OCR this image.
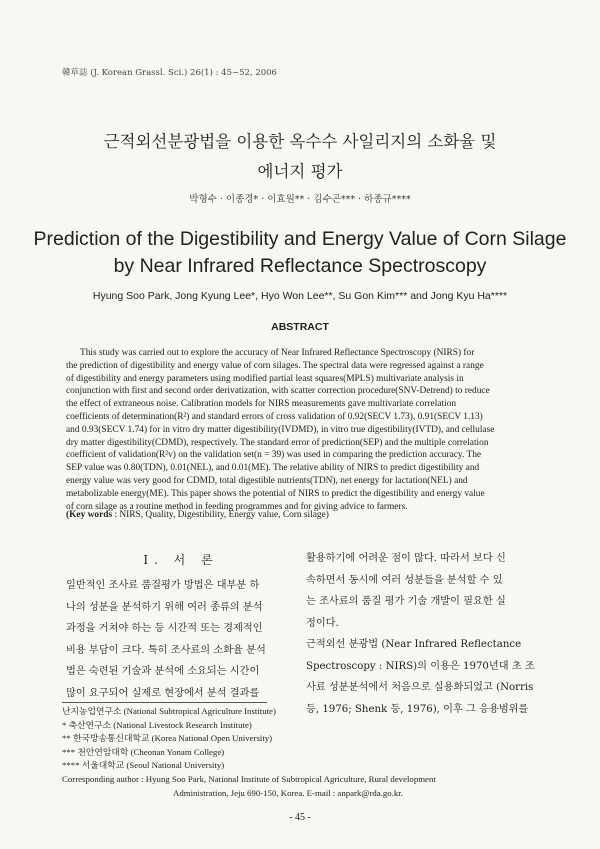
韓草誌 (J. Korean Grassl. Sci.) 26(1) : 45~52, 2006
근적외선분광법을 이용한 옥수수 사일리지의 소화율 및
에너지 평가
박형수 · 이종경* · 이효원** · 김수곤*** · 하종규****
Prediction of the Digestibility and Energy Value of Corn Silage
by Near Infrared Reflectance Spectroscopy
Hyung Soo Park, Jong Kyung Lee*, Hyo Won Lee**, Su Gon Kim*** and Jong Kyu Ha****
ABSTRACT
This study was carried out to explore the accuracy of Near Infrared Reflectance Spectroscopy (NIRS) for
the prediction of digestibility and energy value of corn silages. The spectral data were regressed against a range
of digestibility and energy parameters using modified partial least squares(MPLS) multivariate analysis in
conjunction with first and second order derivatization, with scatter correction procedure(SNV-Detrend) to reduce
the effect of extraneous noise. Calibration models for NIRS measurements gave multivariate correlation
coefficients of determination(R²) and standard errors of cross validation of 0.92(SECV 1.73), 0.91(SECV 1.13)
and 0.93(SECV 1.74) for in vitro dry matter digestibility(IVDMD), in vitro true digestibility(IVTD), and cellulase
dry matter digestibility(CDMD), respectively. The standard error of prediction(SEP) and the multiple correlation
coefficient of validation(R²v) on the validation set(n = 39) was used in comparing the prediction accuracy. The
SEP value was 0.80(TDN), 0.01(NEL), and 0.01(ME). The relative ability of NIRS to predict digestibility and
energy value was very good for CDMD, total digestible nutrients(TDN), net energy for lactation(NEL) and
metabolizable energy(ME). This paper shows the potential of NIRS to predict the digestibility and energy value
of corn silage as a routine method in feeding programmes and for giving advice to farmers.
(Key words : NIRS, Quality, Digestibility, Energy value, Corn silage)
Ⅰ. 서 론
일반적인 조사료 품질평가 방법은 대부분 하
나의 성분을 분석하기 위해 여러 종류의 분석
과정을 거쳐야 하는 등 시간적 또는 경제적인
비용 부담이 크다. 특히 조사료의 소화율 분석
법은 숙련된 기술과 분석에 소요되는 시간이
많이 요구되어 실제로 현장에서 분석 결과를
활용하기에 어려운 점이 많다. 따라서 보다 신
속하면서 동시에 여러 성분들을 분석할 수 있
는 조사료의 품질 평가 기술 개발이 필요한 실
정이다.
근적외선 분광법 (Near Infrared Reflectance
Spectroscopy : NIRS)의 이용은 1970년대 초 조
사료 성분분석에서 처음으로 실용화되었고 (Norris
등, 1976; Shenk 등, 1976), 이후 그 응용범위를
난지농업연구소 (National Subtropical Agriculture Institute)
* 축산연구소 (National Livestock Research Institute)
** 한국방송통신대학교 (Korea National Open University)
*** 천안연암대학 (Cheonan Yonam College)
**** 서울대학교 (Seoul National University)
Corresponding author : Hyung Soo Park, National Institute of Subtropical Agriculture, Rural development
Administration, Jeju 690-150, Korea. E-mail : anpark@rda.go.kr.
- 45 -
